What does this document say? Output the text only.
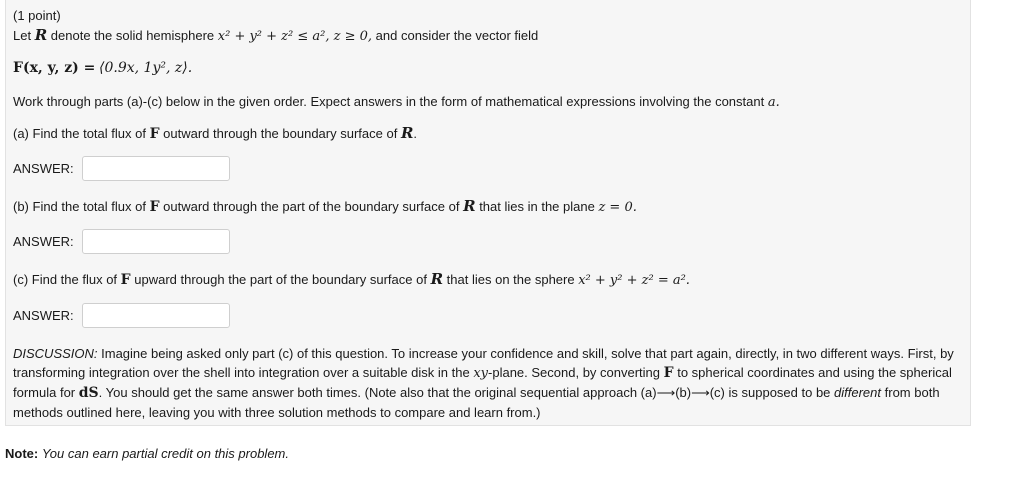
(1 point)
Let R denote the solid hemisphere x² + y² + z² ≤ a², z ≥ 0, and consider the vector field
F(x, y, z) = ⟨0.9x, 1y², z⟩.
Work through parts (a)-(c) below in the given order. Expect answers in the form of mathematical expressions involving the constant a.
(a) Find the total flux of F outward through the boundary surface of R.
ANSWER:
(b) Find the total flux of F outward through the part of the boundary surface of R that lies in the plane z = 0.
ANSWER:
(c) Find the flux of F upward through the part of the boundary surface of R that lies on the sphere x² + y² + z² = a².
ANSWER:
DISCUSSION: Imagine being asked only part (c) of this question. To increase your confidence and skill, solve that part again, directly, in two different ways. First, by transforming integration over the shell into integration over a suitable disk in the xy-plane. Second, by converting F to spherical coordinates and using the spherical formula for dS. You should get the same answer both times. (Note also that the original sequential approach (a)⟶(b)⟶(c) is supposed to be different from both methods outlined here, leaving you with three solution methods to compare and learn from.)
Note: You can earn partial credit on this problem.
